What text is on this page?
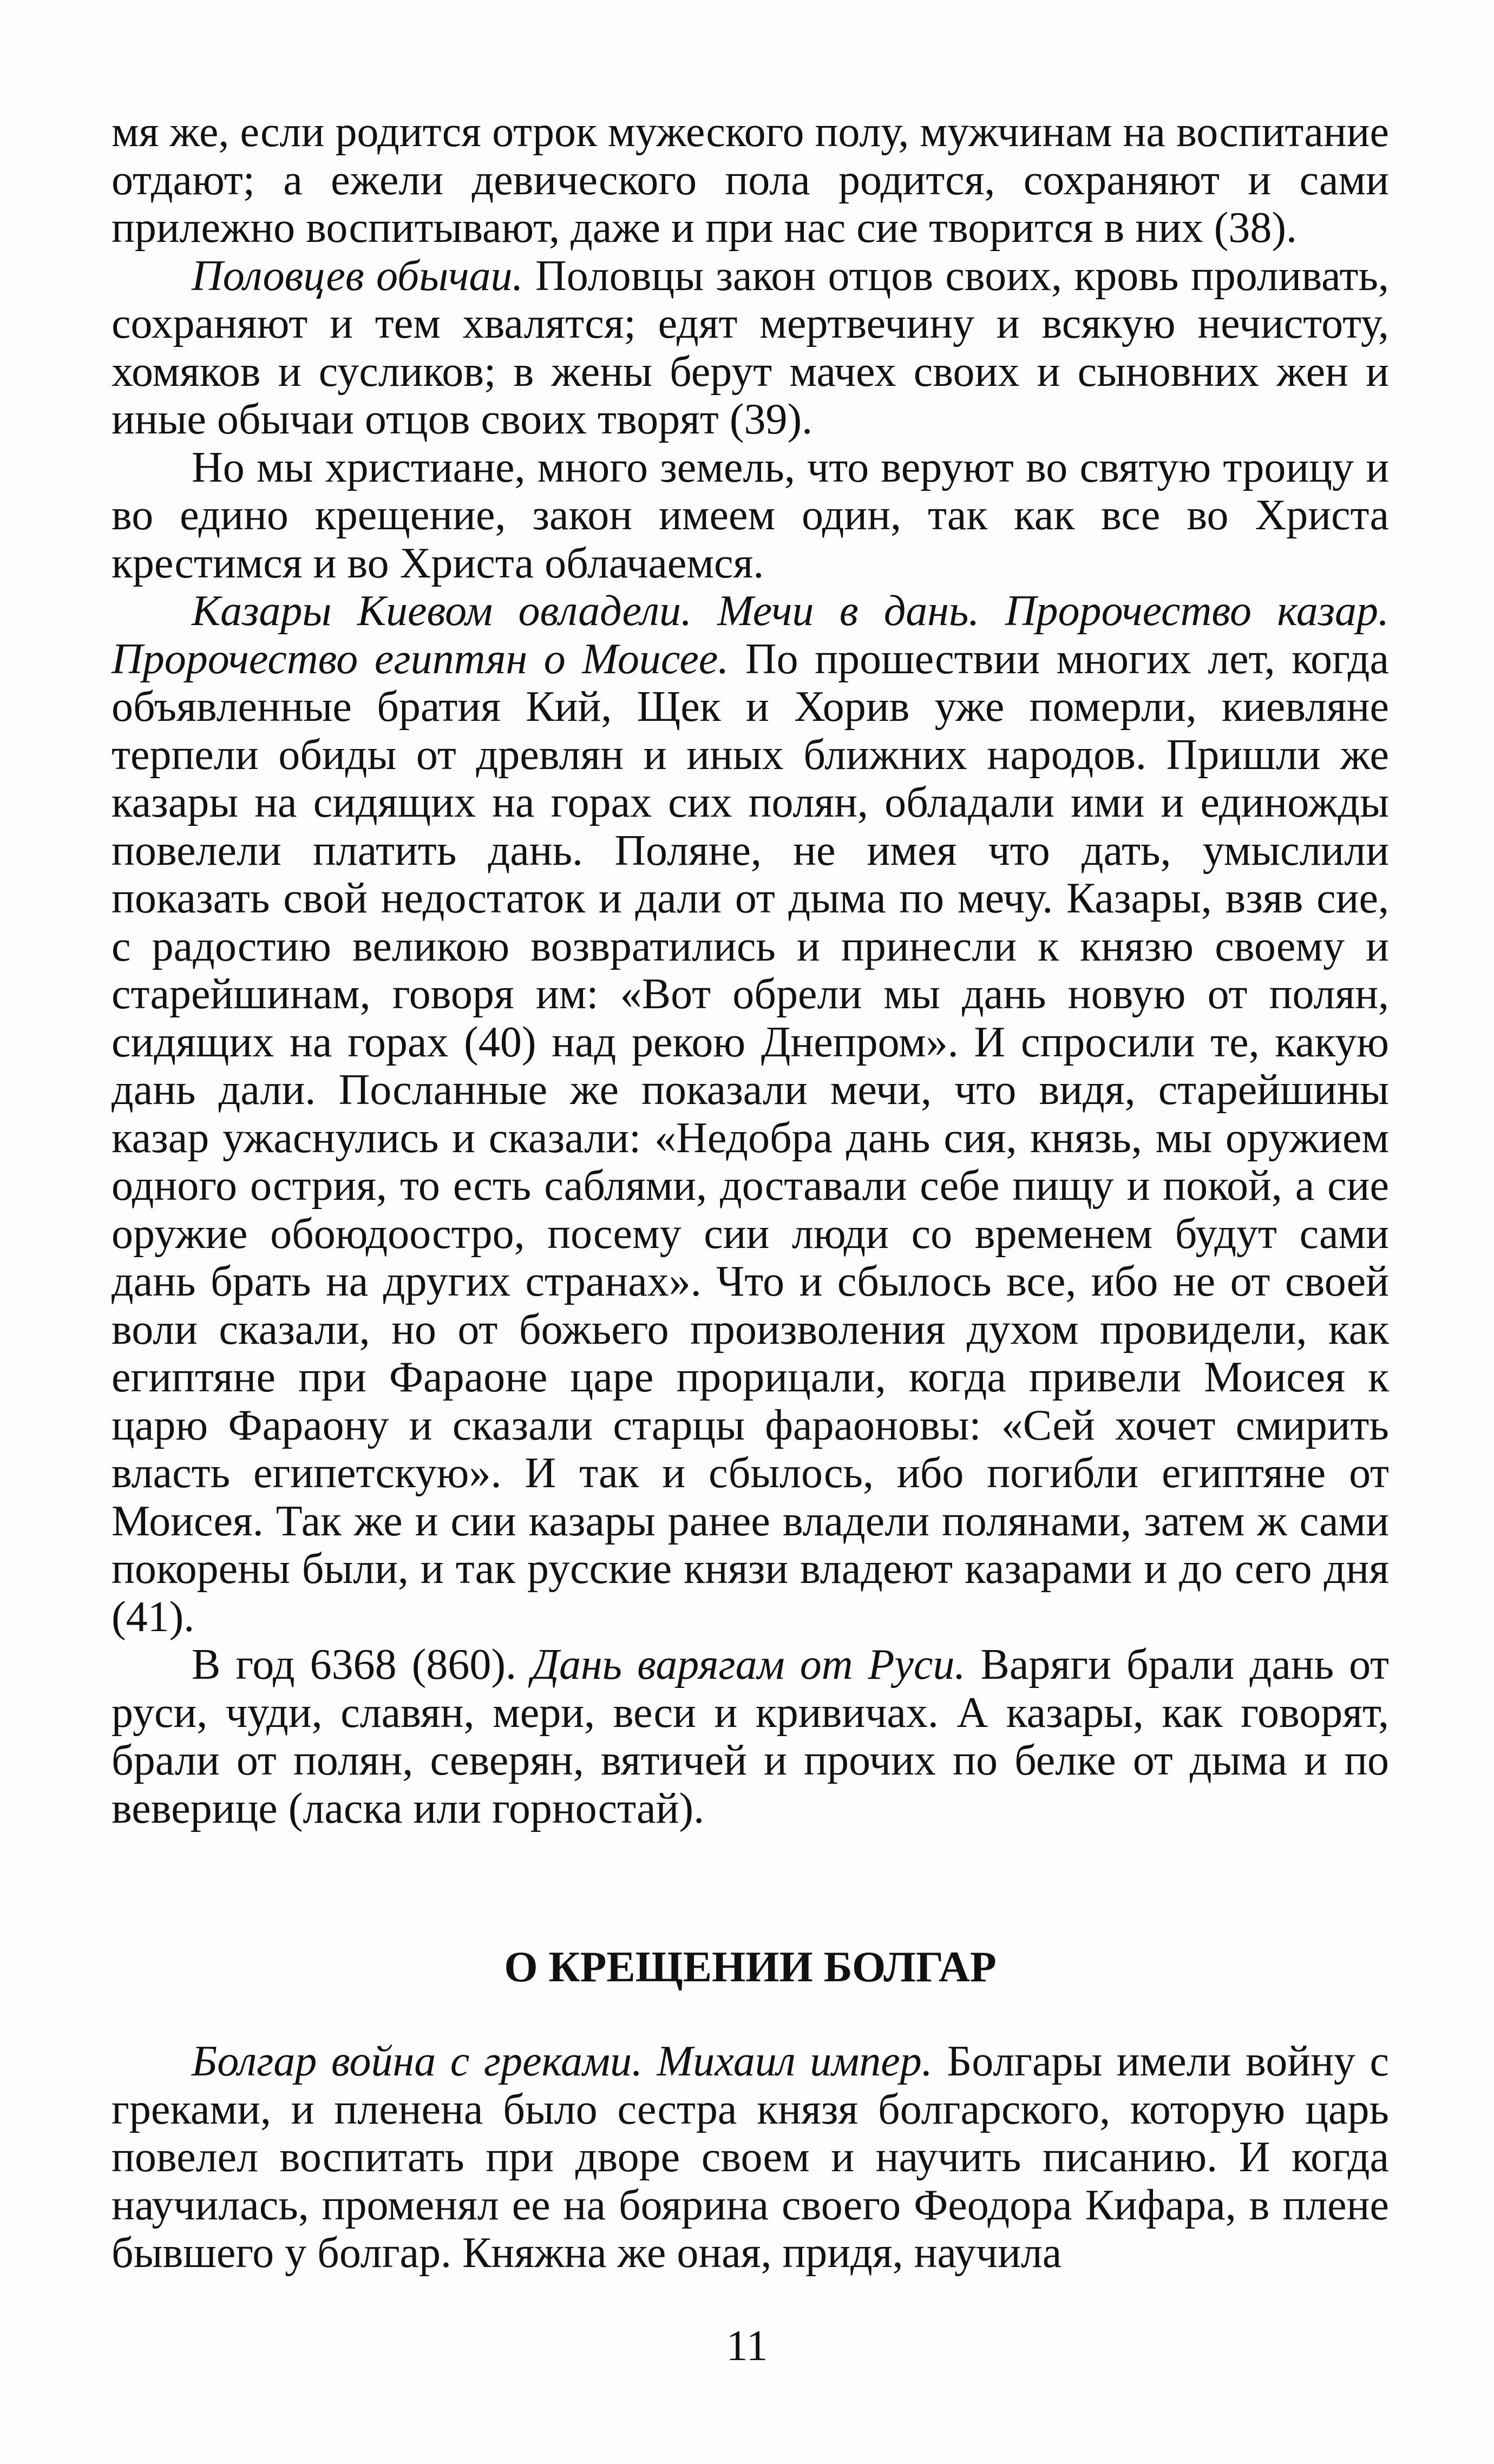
мя же, если родится отрок мужеского полу, мужчинам на воспитание отдают; а ежели девического пола родится, сохраняют и сами прилежно воспитывают, даже и при нас сие творится в них (38).

Половцев обычаи. Половцы закон отцов своих, кровь проливать, сохраняют и тем хвалятся; едят мертвечину и всякую нечистоту, хомяков и сусликов; в жены берут мачех своих и сыновних жен и иные обычаи отцов своих творят (39).

Но мы христиане, много земель, что веруют во святую троицу и во едино крещение, закон имеем один, так как все во Христа крестимся и во Христа облачаемся.

Казары Киевом овладели. Мечи в дань. Пророчество казар. Пророчество египтян о Моисее. По прошествии многих лет, когда объявленные братия Кий, Щек и Хорив уже померли, киевляне терпели обиды от древлян и иных ближних народов. Пришли же казары на сидящих на горах сих полян, обладали ими и единожды повелели платить дань. Поляне, не имея что дать, умыслили показать свой недостаток и дали от дыма по мечу. Казары, взяв сие, с радостию великою возвратились и принесли к князю своему и старейшинам, говоря им: «Вот обрели мы дань новую от полян, сидящих на горах (40) над рекою Днепром». И спросили те, какую дань дали. Посланные же показали мечи, что видя, старейшины казар ужаснулись и сказали: «Недобра дань сия, князь, мы оружием одного острия, то есть саблями, доставали себе пищу и покой, а сие оружие обоюдоостро, посему сии люди со временем будут сами дань брать на других странах». Что и сбылось все, ибо не от своей воли сказали, но от божьего произволения духом провидели, как египтяне при Фараоне царе прорицали, когда привели Моисея к царю Фараону и сказали старцы фараоновы: «Сей хочет смирить власть египетскую». И так и сбылось, ибо погибли египтяне от Моисея. Так же и сии казары ранее владели полянами, затем ж сами покорены были, и так русские князи владеют казарами и до сего дня (41).

В год 6368 (860). Дань варягам от Руси. Варяги брали дань от руси, чуди, славян, мери, веси и кривичах. А казары, как говорят, брали от полян, северян, вятичей и прочих по белке от дыма и по веверице (ласка или горностай).

О КРЕЩЕНИИ БОЛГАР

Болгар война с греками. Михаил импер. Болгары имели войну с греками, и пленена было сестра князя болгарского, которую царь повелел воспитать при дворе своем и научить писанию. И когда научилась, променял ее на боярина своего Феодора Кифара, в плене бывшего у болгар. Княжна же оная, придя, научила

11
